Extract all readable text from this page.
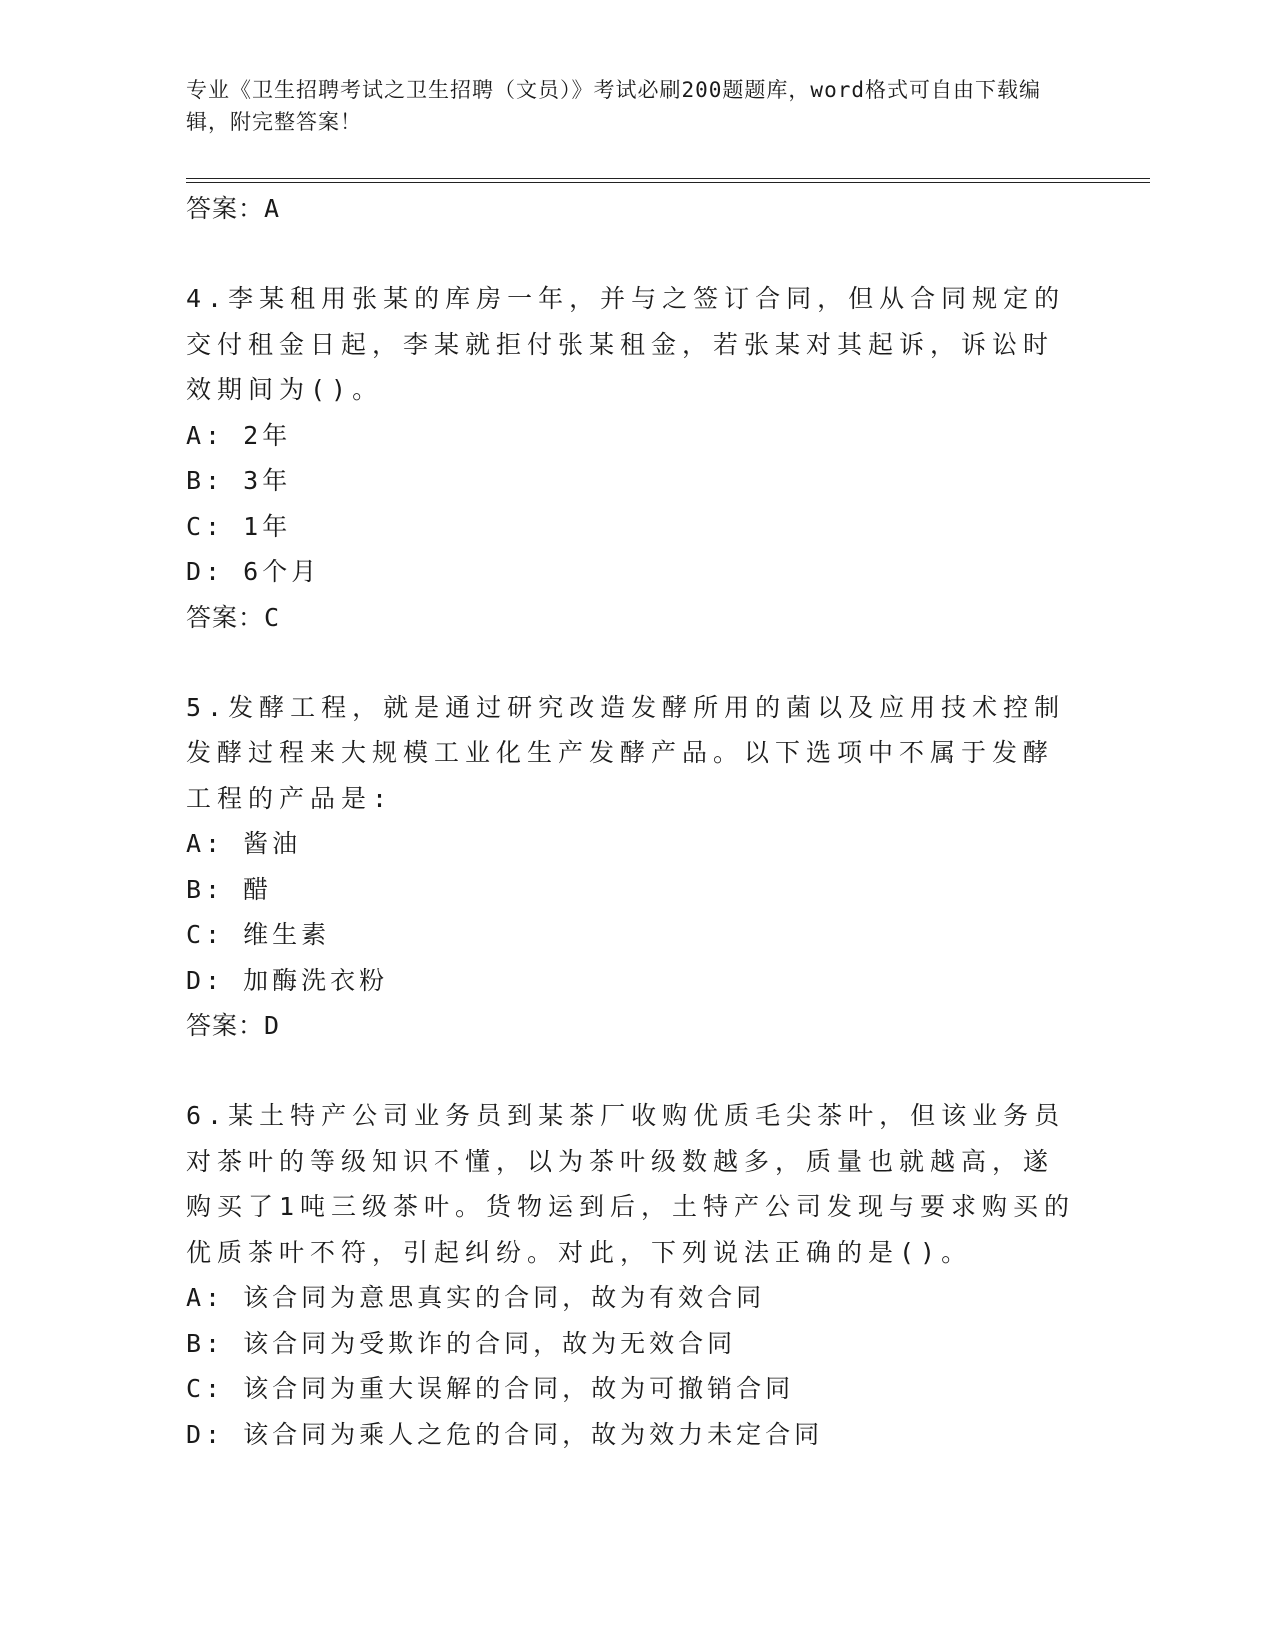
专业《卫生招聘考试之卫生招聘（文员）》考试必刷200题题库，word格式可自由下载编辑，附完整答案！
答案：A
4.李某租用张某的库房一年，并与之签订合同，但从合同规定的交付租金日起，李某就拒付张某租金，若张某对其起诉，诉讼时效期间为()。
A: 2年
B: 3年
C: 1年
D: 6个月
答案：C
5.发酵工程，就是通过研究改造发酵所用的菌以及应用技术控制发酵过程来大规模工业化生产发酵产品。以下选项中不属于发酵工程的产品是:
A: 酱油
B: 醋
C: 维生素
D: 加酶洗衣粉
答案：D
6.某土特产公司业务员到某茶厂收购优质毛尖茶叶，但该业务员对茶叶的等级知识不懂，以为茶叶级数越多，质量也就越高，遂购买了1吨三级茶叶。货物运到后，土特产公司发现与要求购买的优质茶叶不符，引起纠纷。对此，下列说法正确的是()。
A: 该合同为意思真实的合同，故为有效合同
B: 该合同为受欺诈的合同，故为无效合同
C: 该合同为重大误解的合同，故为可撤销合同
D: 该合同为乘人之危的合同，故为效力未定合同
